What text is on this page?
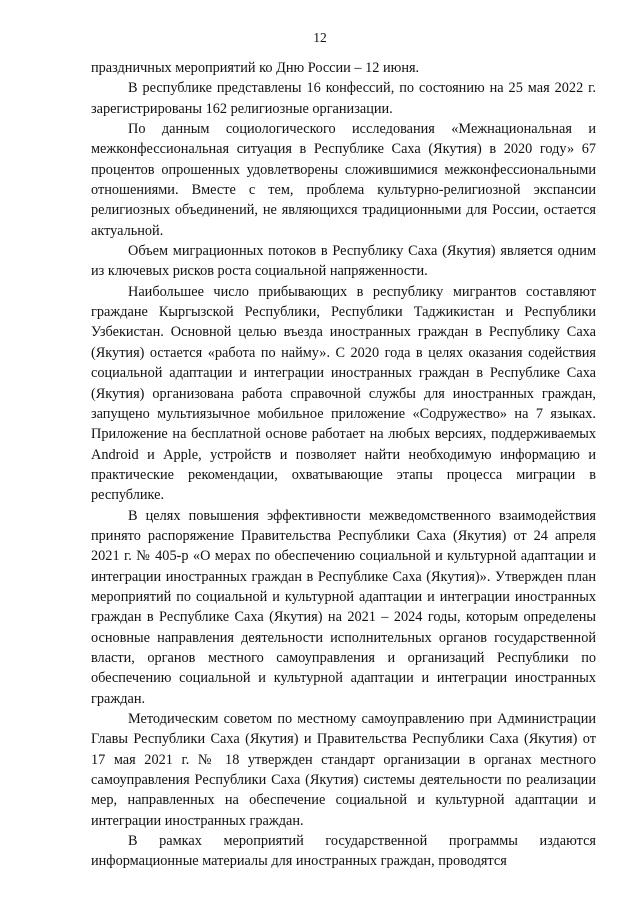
12

праздничных мероприятий ко Дню России – 12 июня.

В республике представлены 16 конфессий, по состоянию на 25 мая 2022 г. зарегистрированы 162 религиозные организации.

По данным социологического исследования «Межнациональная и межконфессиональная ситуация в Республике Саха (Якутия) в 2020 году» 67 процентов опрошенных удовлетворены сложившимися межконфессиональными отношениями. Вместе с тем, проблема культурно-религиозной экспансии религиозных объединений, не являющихся традиционными для России, остается актуальной.

Объем миграционных потоков в Республику Саха (Якутия) является одним из ключевых рисков роста социальной напряженности.

Наибольшее число прибывающих в республику мигрантов составляют граждане Кыргызской Республики, Республики Таджикистан и Республики Узбекистан. Основной целью въезда иностранных граждан в Республику Саха (Якутия) остается «работа по найму». С 2020 года в целях оказания содействия социальной адаптации и интеграции иностранных граждан в Республике Саха (Якутия) организована работа справочной службы для иностранных граждан, запущено мультиязычное мобильное приложение «Содружество» на 7 языках. Приложение на бесплатной основе работает на любых версиях, поддерживаемых Android и Apple, устройств и позволяет найти необходимую информацию и практические рекомендации, охватывающие этапы процесса миграции в республике.

В целях повышения эффективности межведомственного взаимодействия принято распоряжение Правительства Республики Саха (Якутия) от 24 апреля 2021 г. № 405-р «О мерах по обеспечению социальной и культурной адаптации и интеграции иностранных граждан в Республике Саха (Якутия)». Утвержден план мероприятий по социальной и культурной адаптации и интеграции иностранных граждан в Республике Саха (Якутия) на 2021 – 2024 годы, которым определены основные направления деятельности исполнительных органов государственной власти, органов местного самоуправления и организаций Республики по обеспечению социальной и культурной адаптации и интеграции иностранных граждан.

Методическим советом по местному самоуправлению при Администрации Главы Республики Саха (Якутия) и Правительства Республики Саха (Якутия) от 17 мая 2021 г. № 18 утвержден стандарт организации в органах местного самоуправления Республики Саха (Якутия) системы деятельности по реализации мер, направленных на обеспечение социальной и культурной адаптации и интеграции иностранных граждан.

В рамках мероприятий государственной программы издаются информационные материалы для иностранных граждан, проводятся
